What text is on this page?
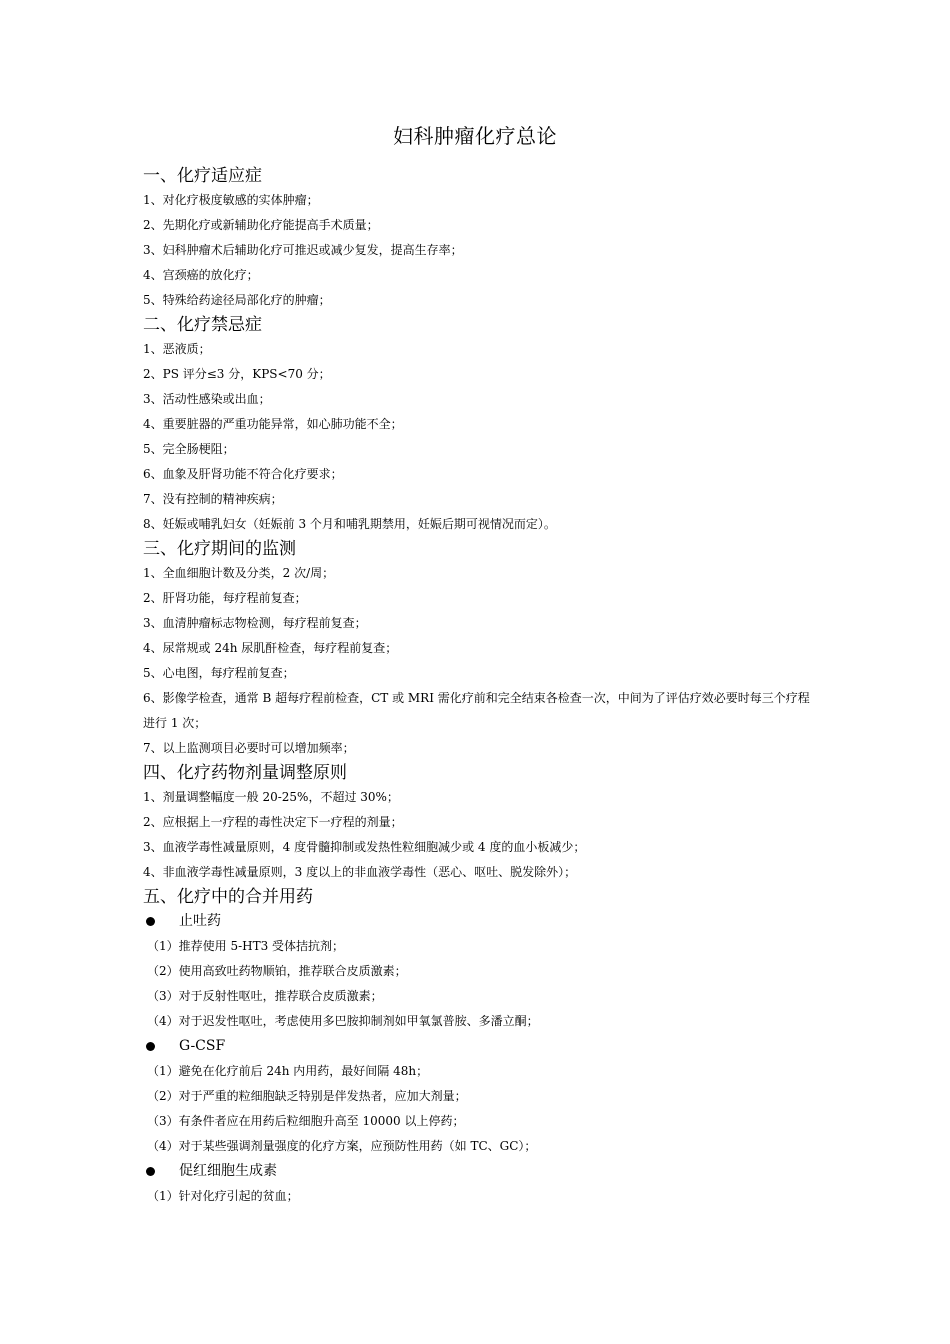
妇科肿瘤化疗总论
一、化疗适应症
1、对化疗极度敏感的实体肿瘤；
2、先期化疗或新辅助化疗能提高手术质量；
3、妇科肿瘤术后辅助化疗可推迟或减少复发，提高生存率；
4、宫颈癌的放化疗；
5、特殊给药途径局部化疗的肿瘤；
二、化疗禁忌症
1、恶液质；
2、PS 评分≤3 分，KPS<70 分；
3、活动性感染或出血；
4、重要脏器的严重功能异常，如心肺功能不全；
5、完全肠梗阻；
6、血象及肝肾功能不符合化疗要求；
7、没有控制的精神疾病；
8、妊娠或哺乳妇女（妊娠前 3 个月和哺乳期禁用，妊娠后期可视情况而定）。
三、化疗期间的监测
1、全血细胞计数及分类，2 次/周；
2、肝肾功能，每疗程前复查；
3、血清肿瘤标志物检测，每疗程前复查；
4、尿常规或 24h 尿肌酐检查，每疗程前复查；
5、心电图，每疗程前复查；
6、影像学检查，通常 B 超每疗程前检查，CT 或 MRI 需化疗前和完全结束各检查一次，中间为了评估疗效必要时每三个疗程进行 1 次；
7、以上监测项目必要时可以增加频率；
四、化疗药物剂量调整原则
1、剂量调整幅度一般 20-25%，不超过 30%；
2、应根据上一疗程的毒性决定下一疗程的剂量；
3、血液学毒性减量原则，4 度骨髓抑制或发热性粒细胞减少或 4 度的血小板减少；
4、非血液学毒性减量原则，3 度以上的非血液学毒性（恶心、呕吐、脱发除外）；
五、化疗中的合并用药
止吐药
（1）推荐使用 5-HT3 受体拮抗剂；
（2）使用高致吐药物顺铂，推荐联合皮质激素；
（3）对于反射性呕吐，推荐联合皮质激素；
（4）对于迟发性呕吐，考虑使用多巴胺抑制剂如甲氧氯普胺、多潘立酮；
G-CSF
（1）避免在化疗前后 24h 内用药，最好间隔 48h；
（2）对于严重的粒细胞缺乏特别是伴发热者，应加大剂量；
（3）有条件者应在用药后粒细胞升高至 10000 以上停药；
（4）对于某些强调剂量强度的化疗方案，应预防性用药（如 TC、GC）；
促红细胞生成素
（1）针对化疗引起的贫血；
